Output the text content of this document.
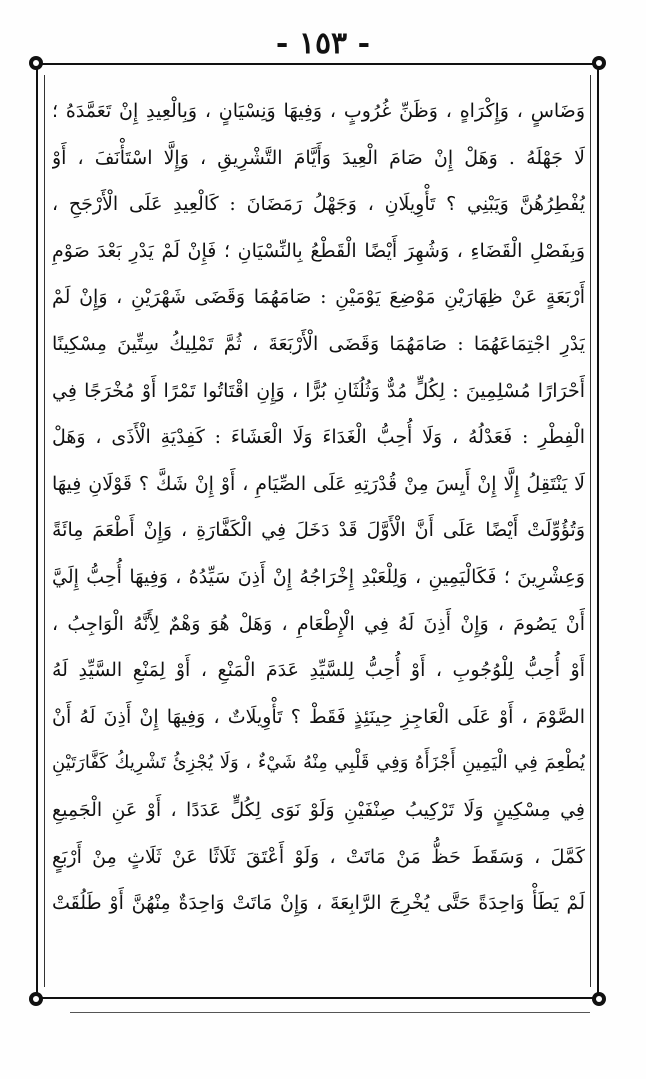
- ١٥٣ -
وَضَاسٍ ، وَإِكْرَاهٍ ، وَظَنِّ غُرُوبٍ ، وَفِيهَا وَنِسْيَانٍ ، وَبِالْعِيدِ إِنْ تَعَمَّدَهُ ؛
لَا جَهْلَهُ . وَهَلْ إِنْ صَامَ الْعِيدَ وَأَيَّامَ التَّشْرِيقِ ، وَإِلَّا اسْتَأْنَفَ ، أَوْ
يُفْطِرُهُنَّ وَيَبْنِي ؟ تَأْوِيلَانِ ، وَجَهْلُ رَمَضَانَ : كَالْعِيدِ عَلَى الْأَرْجَحِ ،
وَبِفَصْلِ الْقَضَاءِ ، وَشُهِرَ أَيْضًا الْقَطْعُ بِالنِّسْيَانِ ؛ فَإِنْ لَمْ يَدْرِ بَعْدَ صَوْمِ
أَرْبَعَةٍ عَنْ ظِهَارَيْنِ مَوْضِعَ يَوْمَيْنِ : صَامَهُمَا وَقَضَى شَهْرَيْنِ ، وَإِنْ لَمْ
يَدْرِ اجْتِمَاعَهُمَا : صَامَهُمَا وَقَضَى الْأَرْبَعَةَ ، ثُمَّ تَمْلِيكُ سِتِّينَ مِسْكِينًا
أَحْرَارًا مُسْلِمِينَ : لِكُلٍّ مُدٌّ وَثُلُثَانِ بُرًّا ، وَإِنِ اقْتَاتُوا تَمْرًا أَوْ مُخْرَجًا فِي
الْفِطْرِ : فَعَدْلُهُ ، وَلَا أُحِبُّ الْغَدَاءَ وَلَا الْعَشَاءَ : كَفِدْيَةِ الْأَذَى ، وَهَلْ
لَا يَنْتَقِلُ إِلَّا إِنْ أَيِسَ مِنْ قُدْرَتِهِ عَلَى الصِّيَامِ ، أَوْ إِنْ شَكَّ ؟ قَوْلَانِ فِيهَا
وَتُؤُوِّلَتْ أَيْضًا عَلَى أَنَّ الْأَوَّلَ قَدْ دَخَلَ فِي الْكَفَّارَةِ ، وَإِنْ أَطْعَمَ مِائَةً
وَعِشْرِينَ ؛ فَكَالْيَمِينِ ، وَلِلْعَبْدِ إِخْرَاجُهُ إِنْ أَذِنَ سَيِّدُهُ ، وَفِيهَا أُحِبُّ إِلَيَّ
أَنْ يَصُومَ ، وَإِنْ أَذِنَ لَهُ فِي الْإِطْعَامِ ، وَهَلْ هُوَ وَهْمٌ لِأَنَّهُ الْوَاجِبُ ،
أَوْ أُحِبُّ لِلْوُجُوبِ ، أَوْ أُحِبُّ لِلسَّيِّدِ عَدَمَ الْمَنْعِ ، أَوْ لِمَنْعِ السَّيِّدِ لَهُ
الصَّوْمَ ، أَوْ عَلَى الْعَاجِزِ حِينَئِذٍ فَقَطْ ؟ تَأْوِيلَاتٌ ، وَفِيهَا إِنْ أَذِنَ لَهُ أَنْ
يُطْعِمَ فِي الْيَمِينِ أَجْزَأَهُ وَفِي قَلْبِي مِنْهُ شَيْءٌ ، وَلَا يُجْزِئُ تَشْرِيكُ كَفَّارَتَيْنِ
فِي مِسْكِينٍ وَلَا تَرْكِيبُ صِنْفَيْنِ وَلَوْ نَوَى لِكُلٍّ عَدَدًا ، أَوْ عَنِ الْجَمِيعِ
كَمَّلَ ، وَسَقَطَ حَظُّ مَنْ مَاتَتْ ، وَلَوْ أَعْتَقَ ثَلَاثًا عَنْ ثَلَاثٍ مِنْ أَرْبَعٍ
لَمْ يَطَأْ وَاحِدَةً حَتَّى يُخْرِجَ الرَّابِعَةَ ، وَإِنْ مَاتَتْ وَاحِدَةٌ مِنْهُنَّ أَوْ طَلُقَتْ
